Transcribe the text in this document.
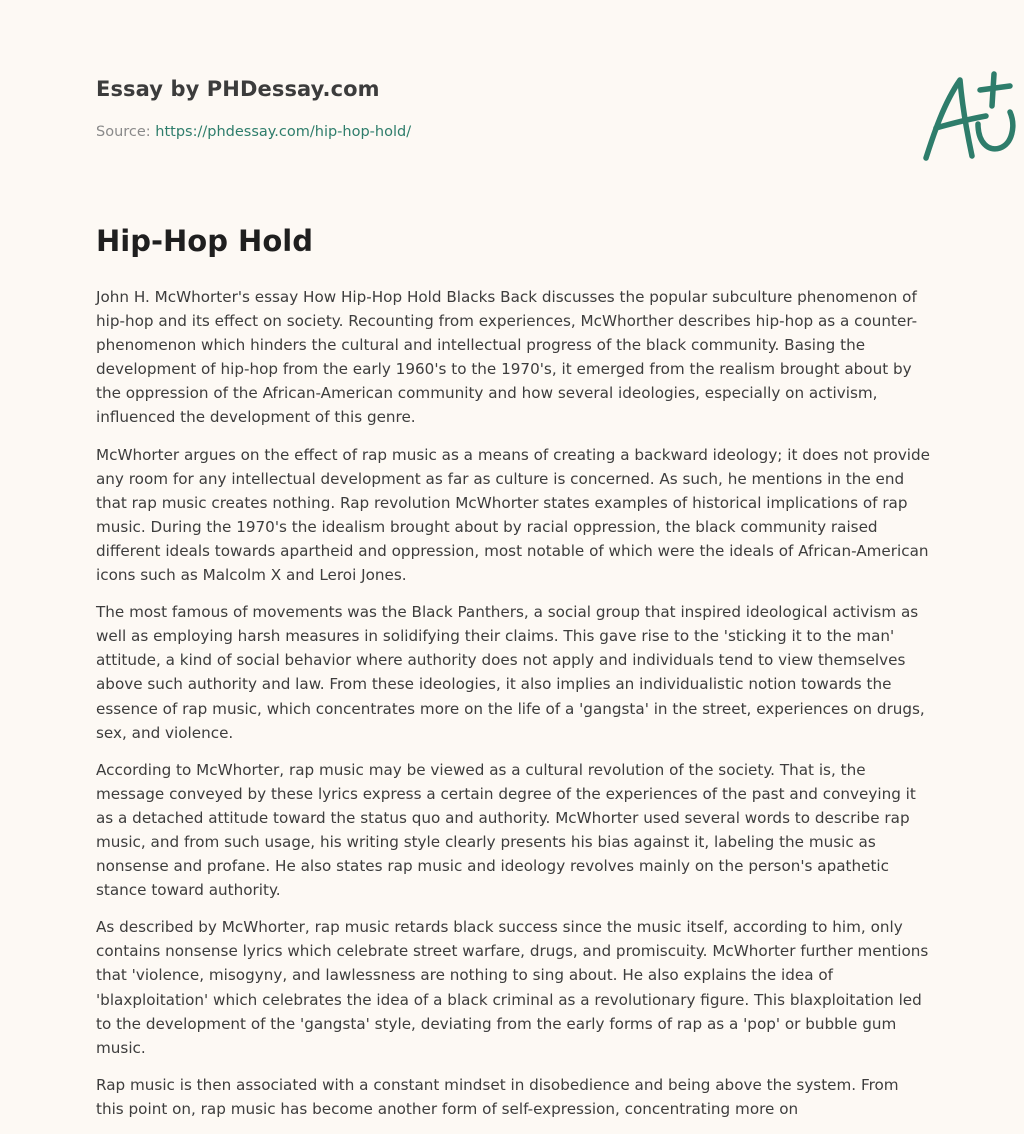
Essay by PHDessay.com
Source: https://phdessay.com/hip-hop-hold/
Hip-Hop Hold

John H. McWhorter's essay How Hip-Hop Hold Blacks Back discusses the popular subculture phenomenon of hip-hop and its effect on society. Recounting from experiences, McWhorther describes hip-hop as a counter-phenomenon which hinders the cultural and intellectual progress of the black community. Basing the development of hip-hop from the early 1960's to the 1970's, it emerged from the realism brought about by the oppression of the African-American community and how several ideologies, especially on activism, influenced the development of this genre.

McWhorter argues on the effect of rap music as a means of creating a backward ideology; it does not provide any room for any intellectual development as far as culture is concerned. As such, he mentions in the end that rap music creates nothing. Rap revolution McWhorter states examples of historical implications of rap music. During the 1970's the idealism brought about by racial oppression, the black community raised different ideals towards apartheid and oppression, most notable of which were the ideals of African-American icons such as Malcolm X and Leroi Jones.

The most famous of movements was the Black Panthers, a social group that inspired ideological activism as well as employing harsh measures in solidifying their claims. This gave rise to the 'sticking it to the man' attitude, a kind of social behavior where authority does not apply and individuals tend to view themselves above such authority and law. From these ideologies, it also implies an individualistic notion towards the essence of rap music, which concentrates more on the life of a 'gangsta' in the street, experiences on drugs, sex, and violence.

According to McWhorter, rap music may be viewed as a cultural revolution of the society. That is, the message conveyed by these lyrics express a certain degree of the experiences of the past and conveying it as a detached attitude toward the status quo and authority. McWhorter used several words to describe rap music, and from such usage, his writing style clearly presents his bias against it, labeling the music as nonsense and profane. He also states rap music and ideology revolves mainly on the person's apathetic stance toward authority.

As described by McWhorter, rap music retards black success since the music itself, according to him, only contains nonsense lyrics which celebrate street warfare, drugs, and promiscuity. McWhorter further mentions that 'violence, misogyny, and lawlessness are nothing to sing about. He also explains the idea of 'blaxploitation' which celebrates the idea of a black criminal as a revolutionary figure. This blaxploitation led to the development of the 'gangsta' style, deviating from the early forms of rap as a 'pop' or bubble gum music.

Rap music is then associated with a constant mindset in disobedience and being above the system. From this point on, rap music has become another form of self-expression, concentrating more on
